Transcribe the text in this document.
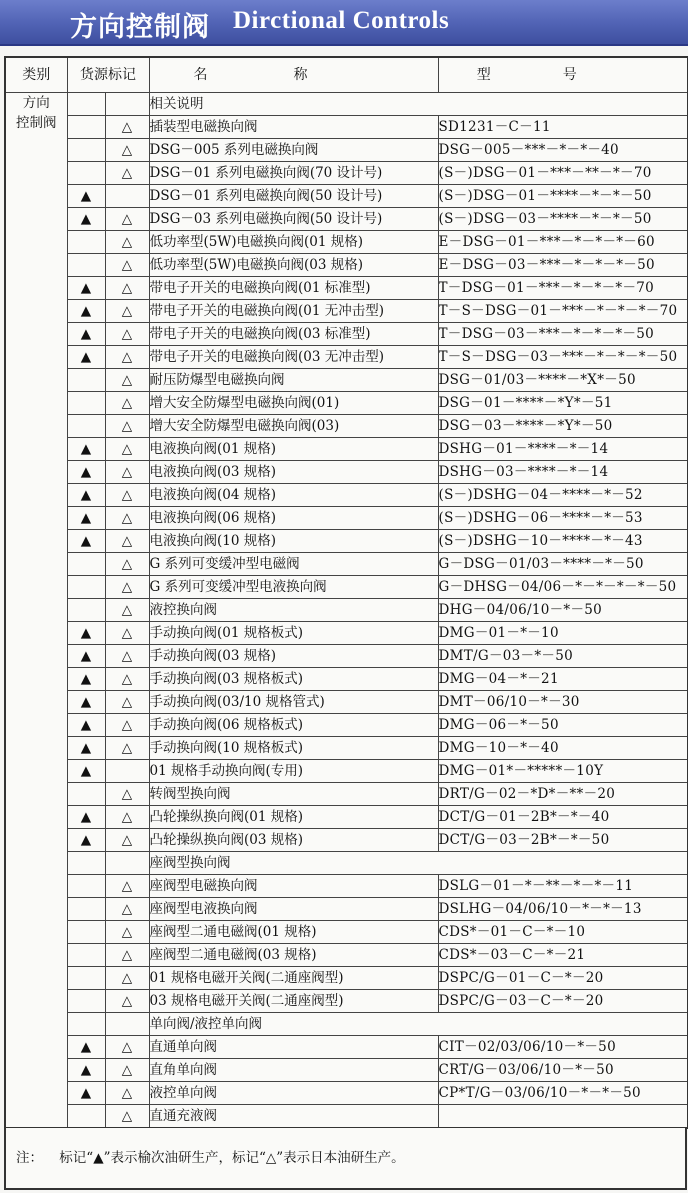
方向控制阀 Dirctional Controls
类别	货源标记		名称	型号

方向
控制阀			相关说明	
		△	插装型电磁换向阀	SD1231－C－11
		△	DSG－005 系列电磁换向阀	DSG－005－***－*－*－40
		△	DSG－01 系列电磁换向阀(70 设计号)	(S－)DSG－01－***－**－*－70
	▲		DSG－01 系列电磁换向阀(50 设计号)	(S－)DSG－01－****－*－*－50
	▲	△	DSG－03 系列电磁换向阀(50 设计号)	(S－)DSG－03－****－*－*－50
		△	低功率型(5W)电磁换向阀(01 规格)	E－DSG－01－***－*－*－*－60
		△	低功率型(5W)电磁换向阀(03 规格)	E－DSG－03－***－*－*－*－50
	▲	△	带电子开关的电磁换向阀(01 标准型)	T－DSG－01－***－*－*－*－70
	▲	△	带电子开关的电磁换向阀(01 无冲击型)	T－S－DSG－01－***－*－*－*－70
	▲	△	带电子开关的电磁换向阀(03 标准型)	T－DSG－03－***－*－*－*－50
	▲	△	带电子开关的电磁换向阀(03 无冲击型)	T－S－DSG－03－***－*－*－*－50
		△	耐压防爆型电磁换向阀	DSG－01/03－****－*X*－50
		△	增大安全防爆型电磁换向阀(01)	DSG－01－****－*Y*－51
		△	增大安全防爆型电磁换向阀(03)	DSG－03－****－*Y*－50
	▲	△	电液换向阀(01 规格)	DSHG－01－****－*－14
	▲	△	电液换向阀(03 规格)	DSHG－03－****－*－14
	▲	△	电液换向阀(04 规格)	(S－)DSHG－04－****－*－52
	▲	△	电液换向阀(06 规格)	(S－)DSHG－06－****－*－53
	▲	△	电液换向阀(10 规格)	(S－)DSHG－10－****－*－43
		△	G 系列可变缓冲型电磁阀	G－DSG－01/03－****－*－50
		△	G 系列可变缓冲型电液换向阀	G－DHSG－04/06－*－*－*－*－50
		△	液控换向阀	DHG－04/06/10－*－50
	▲	△	手动换向阀(01 规格板式)	DMG－01－*－10
	▲	△	手动换向阀(03 规格)	DMT/G－03－*－50
	▲	△	手动换向阀(03 规格板式)	DMG－04－*－21
	▲	△	手动换向阀(03/10 规格管式)	DMT－06/10－*－30
	▲	△	手动换向阀(06 规格板式)	DMG－06－*－50
	▲	△	手动换向阀(10 规格板式)	DMG－10－*－40
	▲		01 规格手动换向阀(专用)	DMG－01*－*****－10Y
		△	转阀型换向阀	DRT/G－02－*D*－**－20
	▲	△	凸轮操纵换向阀(01 规格)	DCT/G－01－2B*－*－40
	▲	△	凸轮操纵换向阀(03 规格)	DCT/G－03－2B*－*－50
			座阀型换向阀	
		△	座阀型电磁换向阀	DSLG－01－*－**－*－*－11
		△	座阀型电液换向阀	DSLHG－04/06/10－*－*－13
		△	座阀型二通电磁阀(01 规格)	CDS*－01－C－*－10
		△	座阀型二通电磁阀(03 规格)	CDS*－03－C－*－21
		△	01 规格电磁开关阀(二通座阀型)	DSPC/G－01－C－*－20
		△	03 规格电磁开关阀(二通座阀型)	DSPC/G－03－C－*－20
			单向阀/液控单向阀	
	▲	△	直通单向阀	CIT－02/03/06/10－*－50
	▲	△	直角单向阀	CRT/G－03/06/10－*－50
	▲	△	液控单向阀	CP*T/G－03/06/10－*－*－50
		△	直通充液阀	
注： 标记“▲”表示榆次油研生产，标记“△”表示日本油研生产。
